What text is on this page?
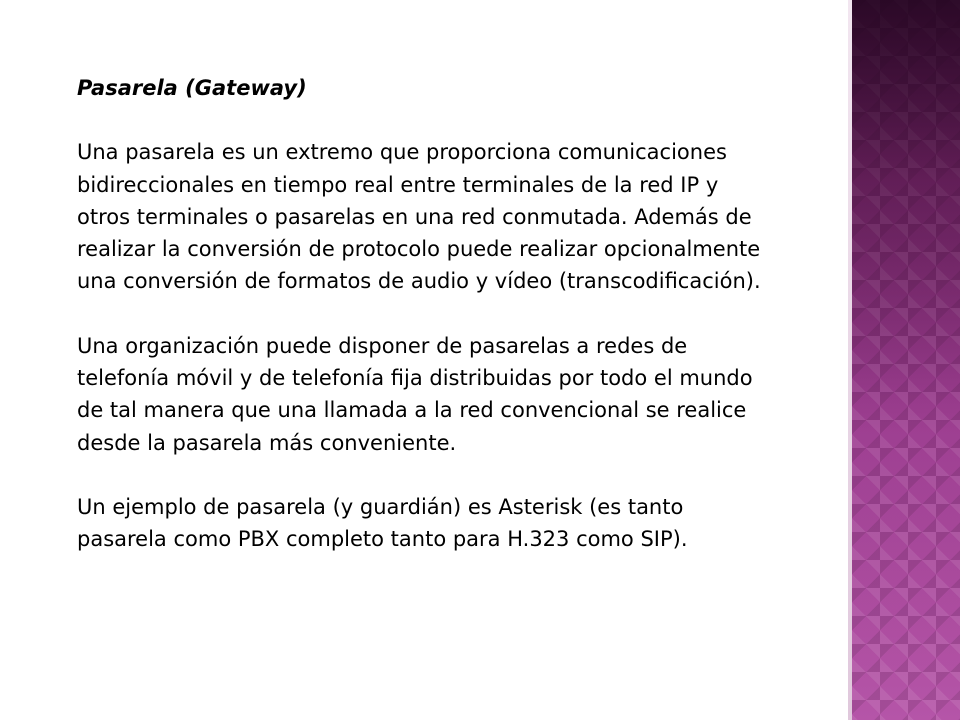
Pasarela (Gateway)
Una pasarela es un extremo que proporciona comunicaciones bidireccionales en tiempo real entre terminales de la red IP y otros terminales o pasarelas en una red conmutada. Además de realizar la conversión de protocolo puede realizar opcionalmente una conversión de formatos de audio y vídeo (transcodificación).
Una organización puede disponer de pasarelas a redes de telefonía móvil y de telefonía fija distribuidas por todo el mundo de tal manera que una llamada a la red convencional se realice desde la pasarela más conveniente.
Un ejemplo de pasarela (y guardián) es Asterisk (es tanto pasarela como PBX completo tanto para H.323 como SIP).
